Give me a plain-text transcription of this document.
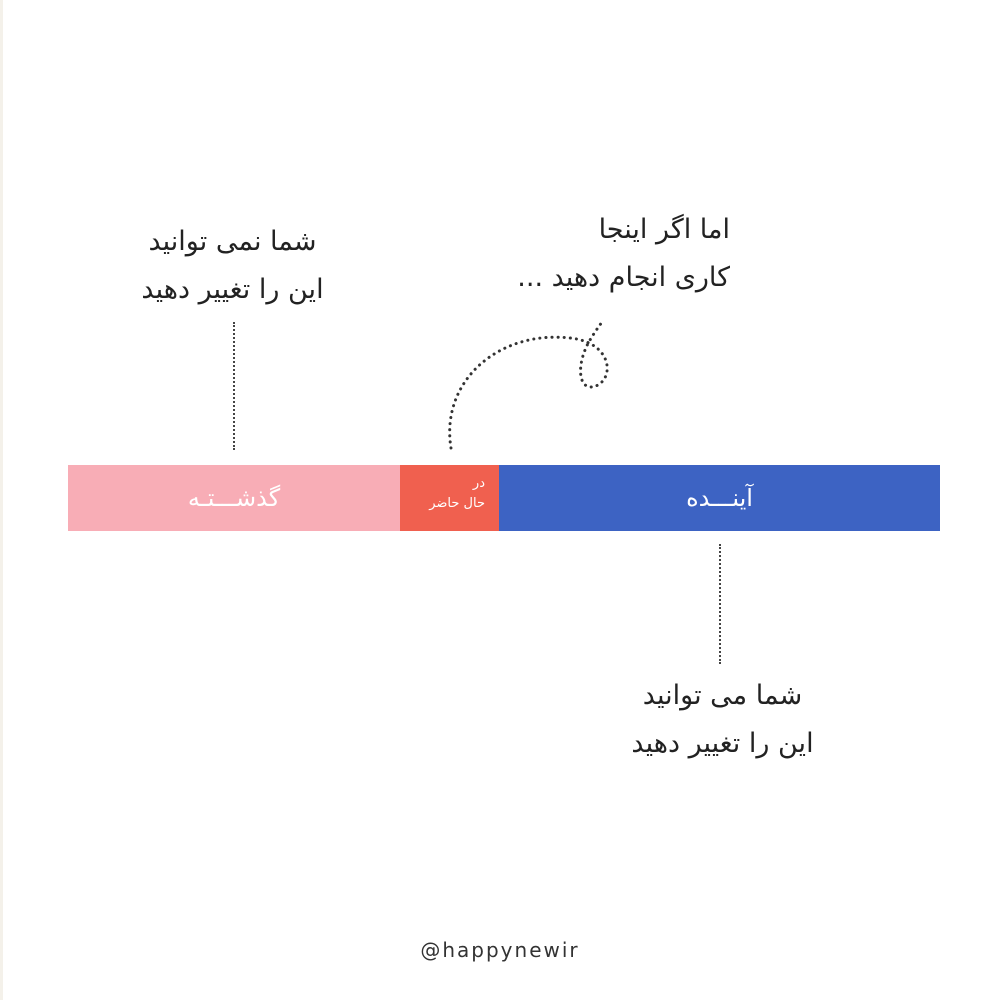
شما نمی توانید
این را تغییر دهید
اما اگر اینجا
کاری انجام دهید ...
گذشـــتـه
در
حال حاضر	آینـــده
شما می توانید
این را تغییر دهید
@happynewir
